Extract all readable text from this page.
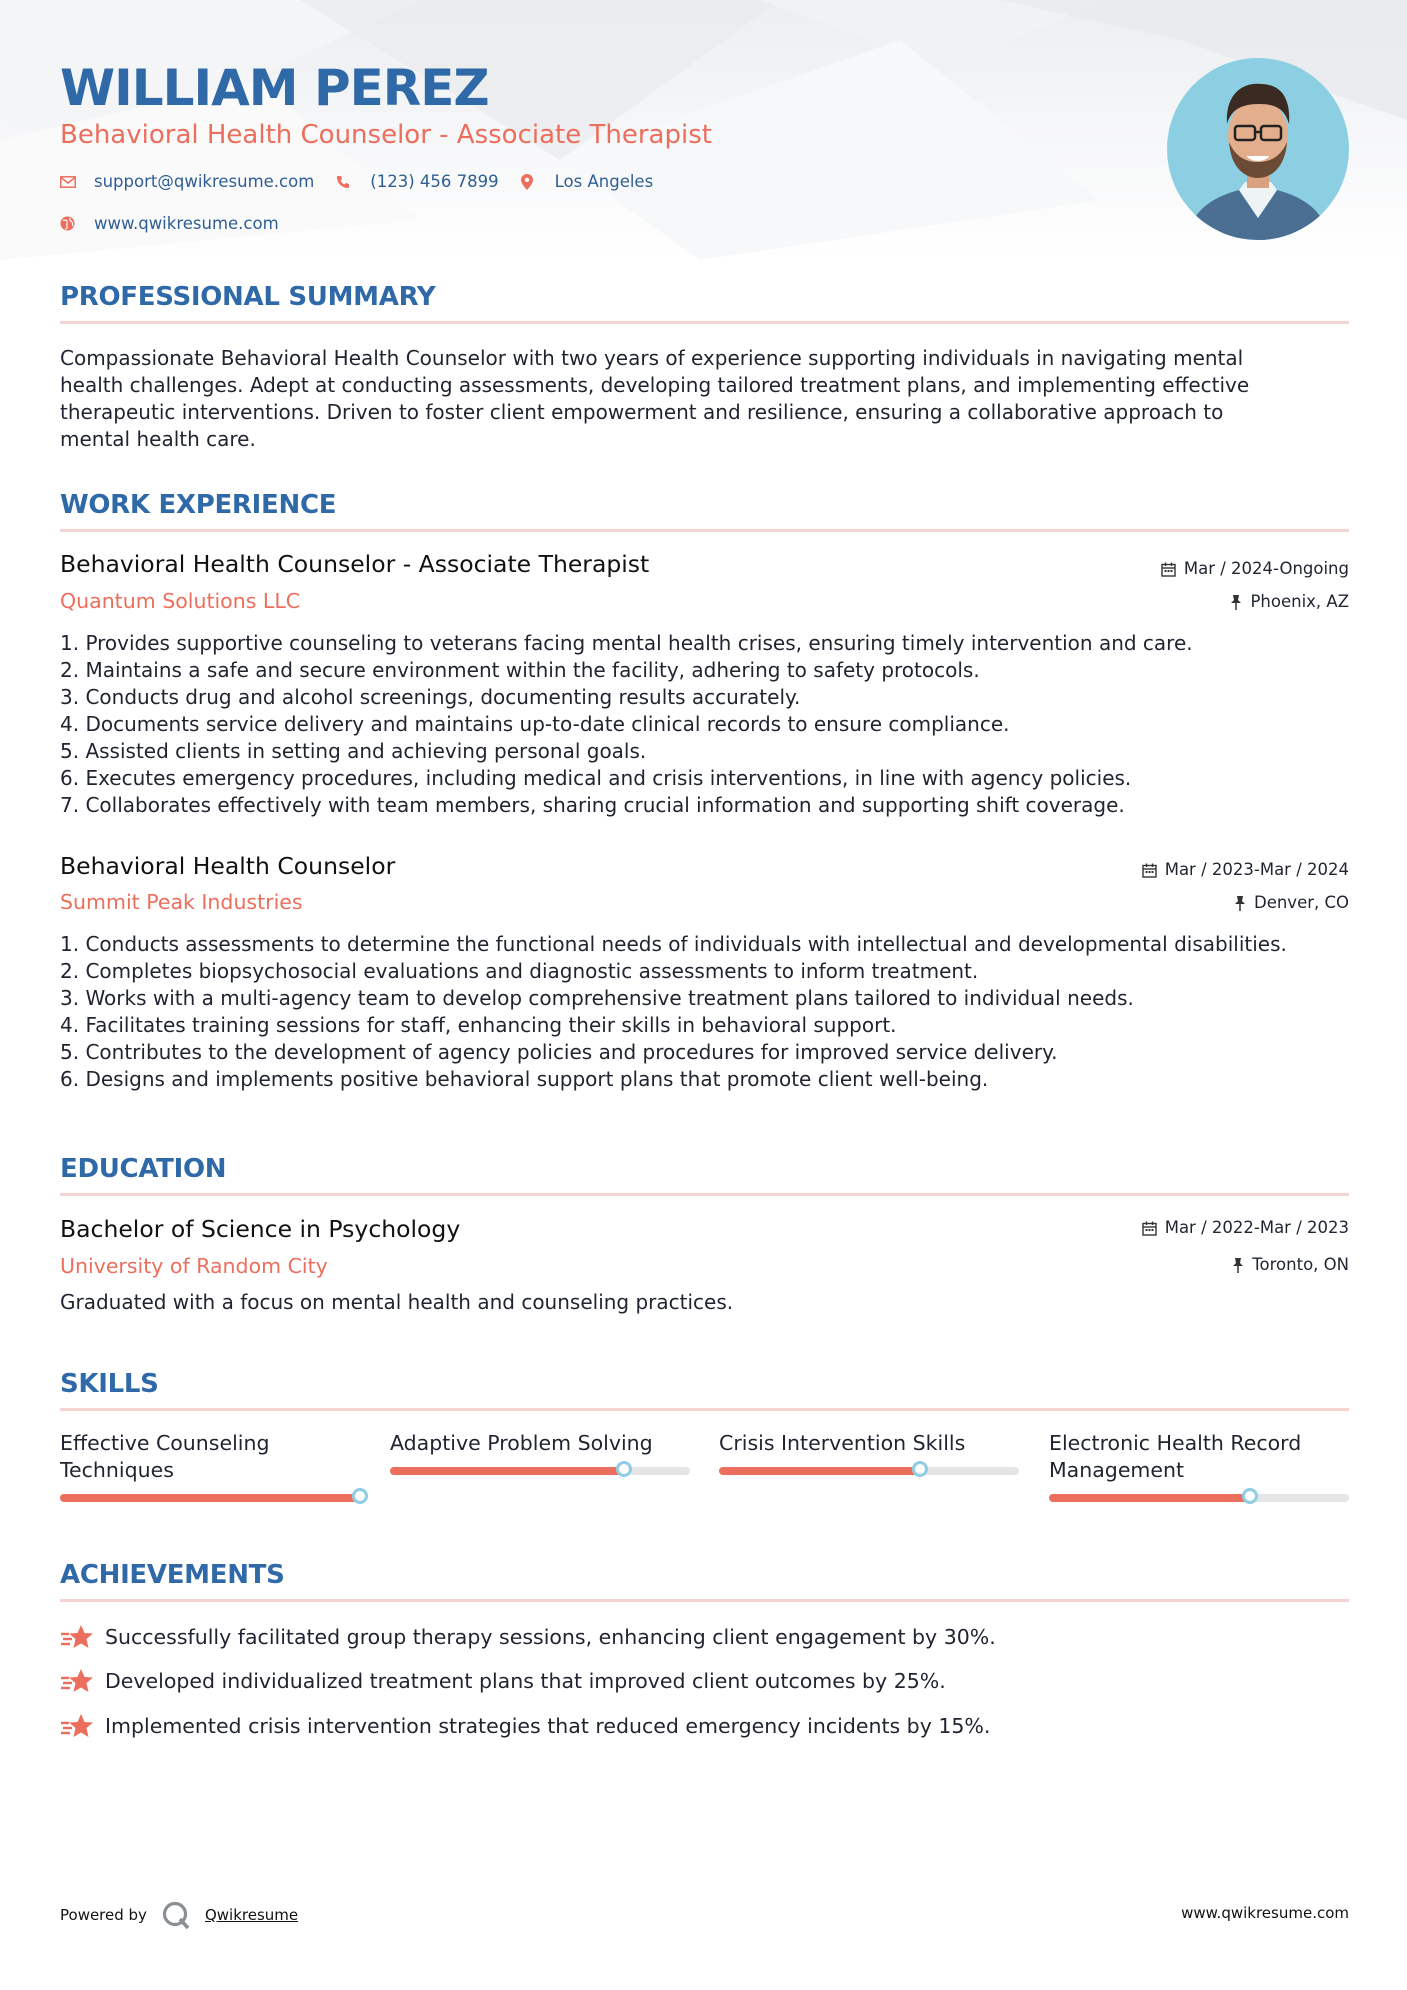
WILLIAM PEREZ
Behavioral Health Counselor - Associate Therapist
support@qwikresume.com	(123) 456 7899	Los Angeles
www.qwikresume.com
PROFESSIONAL SUMMARY
Compassionate Behavioral Health Counselor with two years of experience supporting individuals in navigating mental
health challenges. Adept at conducting assessments, developing tailored treatment plans, and implementing effective
therapeutic interventions. Driven to foster client empowerment and resilience, ensuring a collaborative approach to
mental health care.
WORK EXPERIENCE
Behavioral Health Counselor - Associate Therapist
Quantum Solutions LLC
Mar / 2024-Ongoing
Phoenix, AZ
1. Provides supportive counseling to veterans facing mental health crises, ensuring timely intervention and care.
2. Maintains a safe and secure environment within the facility, adhering to safety protocols.
3. Conducts drug and alcohol screenings, documenting results accurately.
4. Documents service delivery and maintains up-to-date clinical records to ensure compliance.
5. Assisted clients in setting and achieving personal goals.
6. Executes emergency procedures, including medical and crisis interventions, in line with agency policies.
7. Collaborates effectively with team members, sharing crucial information and supporting shift coverage.
Behavioral Health Counselor
Summit Peak Industries
Mar / 2023-Mar / 2024
Denver, CO
1. Conducts assessments to determine the functional needs of individuals with intellectual and developmental disabilities.
2. Completes biopsychosocial evaluations and diagnostic assessments to inform treatment.
3. Works with a multi-agency team to develop comprehensive treatment plans tailored to individual needs.
4. Facilitates training sessions for staff, enhancing their skills in behavioral support.
5. Contributes to the development of agency policies and procedures for improved service delivery.
6. Designs and implements positive behavioral support plans that promote client well-being.
EDUCATION
Bachelor of Science in Psychology
University of Random City
Mar / 2022-Mar / 2023
Toronto, ON
Graduated with a focus on mental health and counseling practices.
SKILLS
Effective Counseling
Techniques
Adaptive Problem Solving	Crisis Intervention Skills	Electronic Health Record
Management
ACHIEVEMENTS
Successfully facilitated group therapy sessions, enhancing client engagement by 30%.
Developed individualized treatment plans that improved client outcomes by 25%.
Implemented crisis intervention strategies that reduced emergency incidents by 15%.
Powered by	Qwikresume	www.qwikresume.com
